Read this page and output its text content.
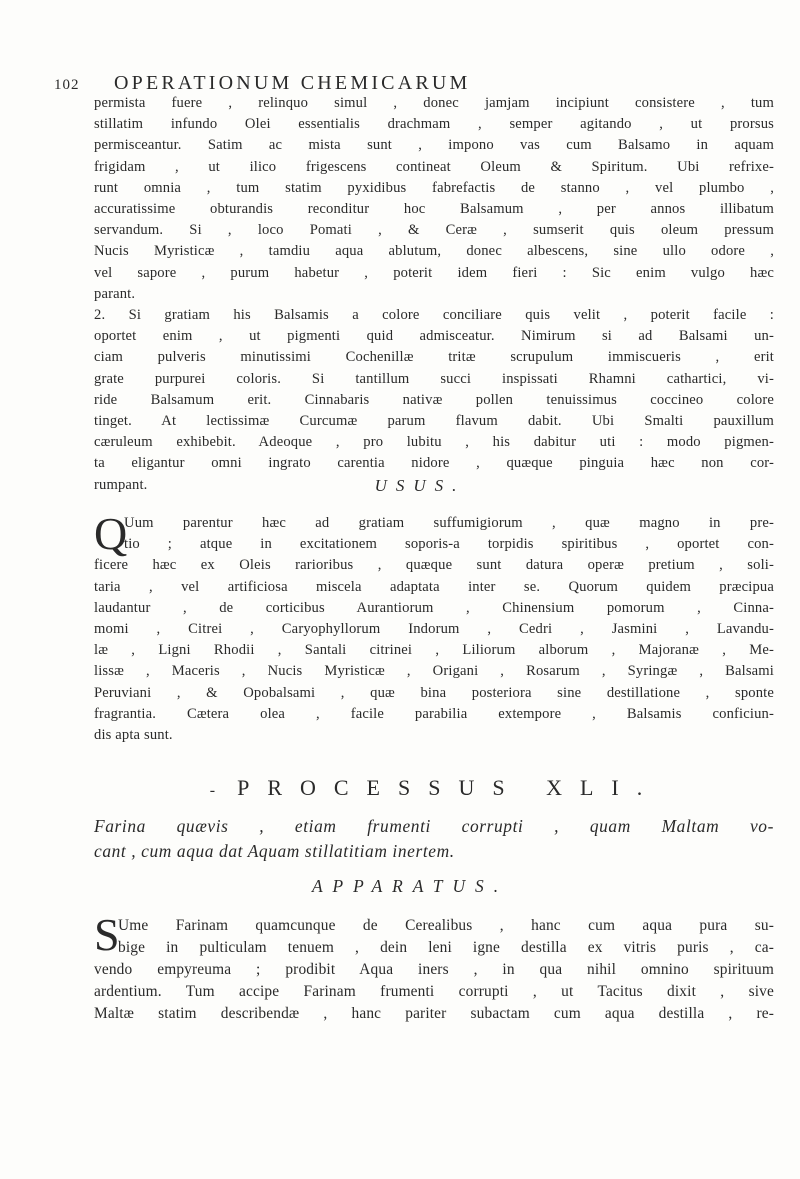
102	OPERATIONUM CHEMICARUM
permista fuere , relinquo simul , donec jamjam incipiunt consistere , tum
stillatim infundo Olei essentialis drachmam , semper agitando , ut prorsus
permisceantur. Satim ac mista sunt , impono vas cum Balsamo in aquam
frigidam , ut ilico frigescens contineat Oleum & Spiritum. Ubi refrixe-
runt omnia , tum statim pyxidibus fabrefactis de stanno , vel plumbo ,
accuratissime obturandis reconditur hoc Balsamum , per annos illibatum
servandum. Si , loco Pomati , & Ceræ , sumserit quis oleum pressum
Nucis Myristicæ , tamdiu aqua ablutum, donec albescens, sine ullo odore ,
vel sapore , purum habetur , poterit idem fieri : Sic enim vulgo hæc
parant.
2. Si gratiam his Balsamis a colore conciliare quis velit , poterit facile :
oportet enim , ut pigmenti quid admisceatur. Nimirum si ad Balsami un-
ciam pulveris minutissimi Cochenillæ tritæ scrupulum immiscueris , erit
grate purpurei coloris. Si tantillum succi inspissati Rhamni cathartici, vi-
ride Balsamum erit. Cinnabaris nativæ pollen tenuissimus coccineo colore
tinget. At lectissimæ Curcumæ parum flavum dabit. Ubi Smalti pauxillum
cæruleum exhibebit. Adeoque , pro lubitu , his dabitur uti : modo pigmen-
ta eligantur omni ingrato carentia nidore , quæque pinguia hæc non cor-
rumpant.	USUS.
Q
Uum parentur hæc ad gratiam suffumigiorum , quæ magno in pre-
tio ; atque in excitationem soporis-a torpidis spiritibus , oportet con-
ficere hæc ex Oleis rarioribus , quæque sunt datura operæ pretium , soli-
taria , vel artificiosa miscela adaptata inter se. Quorum quidem præcipua
laudantur , de corticibus Aurantiorum , Chinensium pomorum , Cinna-
momi , Citrei , Caryophyllorum Indorum , Cedri , Jasmini , Lavandu-
læ , Ligni Rhodii , Santali citrinei , Liliorum alborum , Majoranæ , Me-
lissæ , Maceris , Nucis Myristicæ , Origani , Rosarum , Syringæ , Balsami
Peruviani , & Opobalsami , quæ bina posteriora sine destillatione , sponte
fragrantia. Cætera olea , facile parabilia extempore , Balsamis conficiun-
dis apta sunt.
- PROCESSUS XLI.
Farina quævis , etiam frumenti corrupti , quam Maltam vo-
cant , cum aqua dat Aquam stillatitiam inertem.
APPARATUS.
S
Ume Farinam quamcunque de Cerealibus , hanc cum aqua pura su-
bige in pulticulam tenuem , dein leni igne destilla ex vitris puris , ca-
vendo empyreuma ; prodibit Aqua iners , in qua nihil omnino spirituum
ardentium. Tum accipe Farinam frumenti corrupti , ut Tacitus dixit , sive
Maltæ statim describendæ , hanc pariter subactam cum aqua destilla , re-
